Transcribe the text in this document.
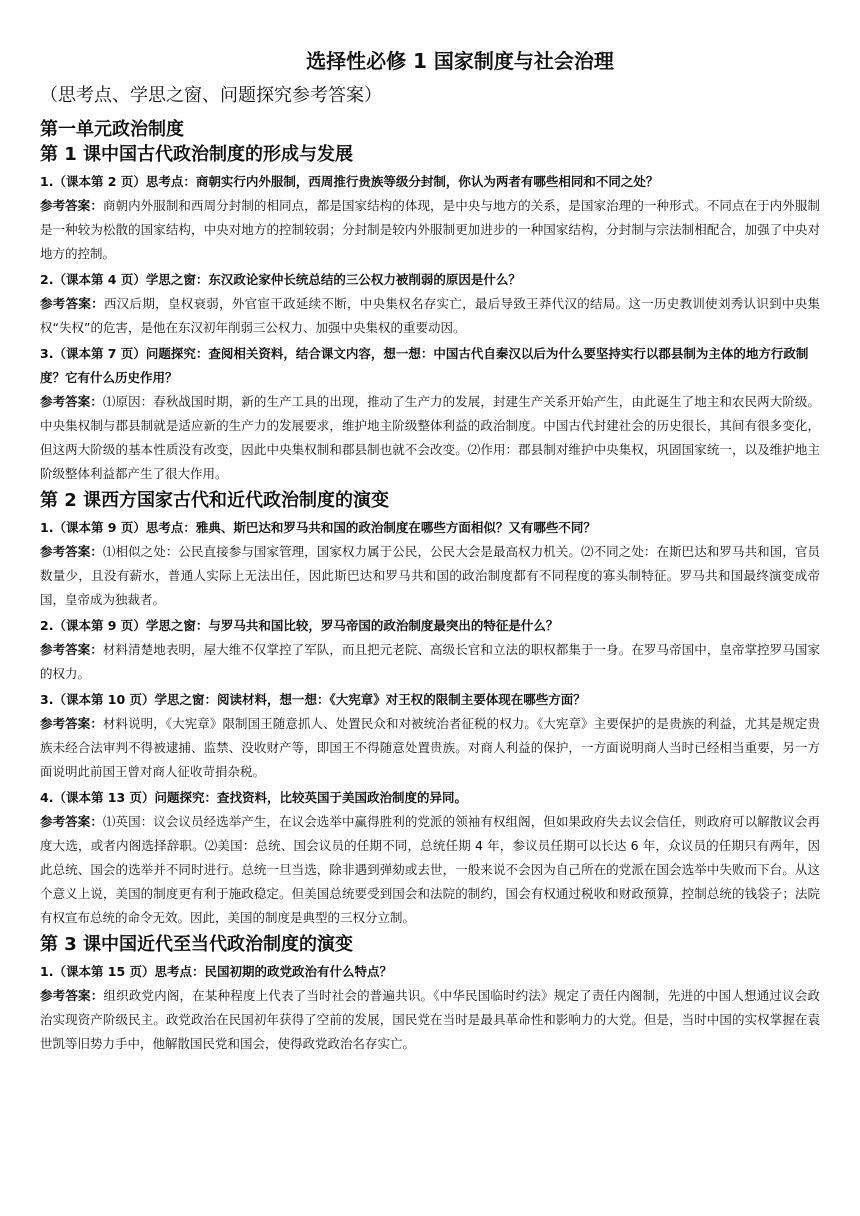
选择性必修 1 国家制度与社会治理
（思考点、学思之窗、问题探究参考答案）
第一单元政治制度
第 1 课中国古代政治制度的形成与发展

1.（课本第 2 页）思考点：商朝实行内外服制，西周推行贵族等级分封制，你认为两者有哪些相同和不同之处？

参考答案：商朝内外服制和西周分封制的相同点，都是国家结构的体现，是中央与地方的关系，是国家治理的一种形式。不同点在于内外服制是一种较为松散的国家结构，中央对地方的控制较弱；分封制是较内外服制更加进步的一种国家结构，分封制与宗法制相配合，加强了中央对地方的控制。

2.（课本第 4 页）学思之窗：东汉政论家仲长统总结的三公权力被削弱的原因是什么？

参考答案：西汉后期，皇权衰弱，外官宦干政延续不断，中央集权名存实亡，最后导致王莽代汉的结局。这一历史教训使刘秀认识到中央集权“失权”的危害，是他在东汉初年削弱三公权力、加强中央集权的重要动因。

3.（课本第 7 页）问题探究：查阅相关资料，结合课文内容，想一想：中国古代自秦汉以后为什么要坚持实行以郡县制为主体的地方行政制度？它有什么历史作用？

参考答案：⑴原因：春秋战国时期，新的生产工具的出现，推动了生产力的发展，封建生产关系开始产生，由此诞生了地主和农民两大阶级。中央集权制与郡县制就是适应新的生产力的发展要求，维护地主阶级整体利益的政治制度。中国古代封建社会的历史很长，其间有很多变化，但这两大阶级的基本性质没有改变，因此中央集权制和郡县制也就不会改变。⑵作用：郡县制对维护中央集权，巩固国家统一，以及维护地主阶级整体利益都产生了很大作用。

第 2 课西方国家古代和近代政治制度的演变

1.（课本第 9 页）思考点：雅典、斯巴达和罗马共和国的政治制度在哪些方面相似？又有哪些不同？

参考答案：⑴相似之处：公民直接参与国家管理，国家权力属于公民，公民大会是最高权力机关。⑵不同之处：在斯巴达和罗马共和国，官员数量少，且没有薪水，普通人实际上无法出任，因此斯巴达和罗马共和国的政治制度都有不同程度的寡头制特征。罗马共和国最终演变成帝国，皇帝成为独裁者。

2.（课本第 9 页）学思之窗：与罗马共和国比较，罗马帝国的政治制度最突出的特征是什么？

参考答案：材料清楚地表明，屋大维不仅掌控了军队，而且把元老院、高级长官和立法的职权都集于一身。在罗马帝国中，皇帝掌控罗马国家的权力。

3.（课本第 10 页）学思之窗：阅读材料，想一想：《大宪章》对王权的限制主要体现在哪些方面？

参考答案：材料说明，《大宪章》限制国王随意抓人、处置民众和对被统治者征税的权力。《大宪章》主要保护的是贵族的利益，尤其是规定贵族未经合法审判不得被逮捕、监禁、没收财产等，即国王不得随意处置贵族。对商人利益的保护，一方面说明商人当时已经相当重要，另一方面说明此前国王曾对商人征收苛捐杂税。

4.（课本第 13 页）问题探究：查找资料，比较英国于美国政治制度的异同。

参考答案：⑴英国：议会议员经选举产生，在议会选举中赢得胜利的党派的领袖有权组阁，但如果政府失去议会信任，则政府可以解散议会再度大选，或者内阁选择辞职。⑵美国：总统、国会议员的任期不同，总统任期 4 年，参议员任期可以长达 6 年，众议员的任期只有两年，因此总统、国会的选举并不同时进行。总统一旦当选，除非遇到弹劾或去世，一般来说不会因为自己所在的党派在国会选举中失败而下台。从这个意义上说，美国的制度更有利于施政稳定。但美国总统要受到国会和法院的制约，国会有权通过税收和财政预算，控制总统的钱袋子；法院有权宣布总统的命令无效。因此，美国的制度是典型的三权分立制。

第 3 课中国近代至当代政治制度的演变

1.（课本第 15 页）思考点：民国初期的政党政治有什么特点？

参考答案：组织政党内阁，在某种程度上代表了当时社会的普遍共识。《中华民国临时约法》规定了责任内阁制，先进的中国人想通过议会政治实现资产阶级民主。政党政治在民国初年获得了空前的发展，国民党在当时是最具革命性和影响力的大党。但是，当时中国的实权掌握在袁世凯等旧势力手中，他解散国民党和国会，使得政党政治名存实亡。
